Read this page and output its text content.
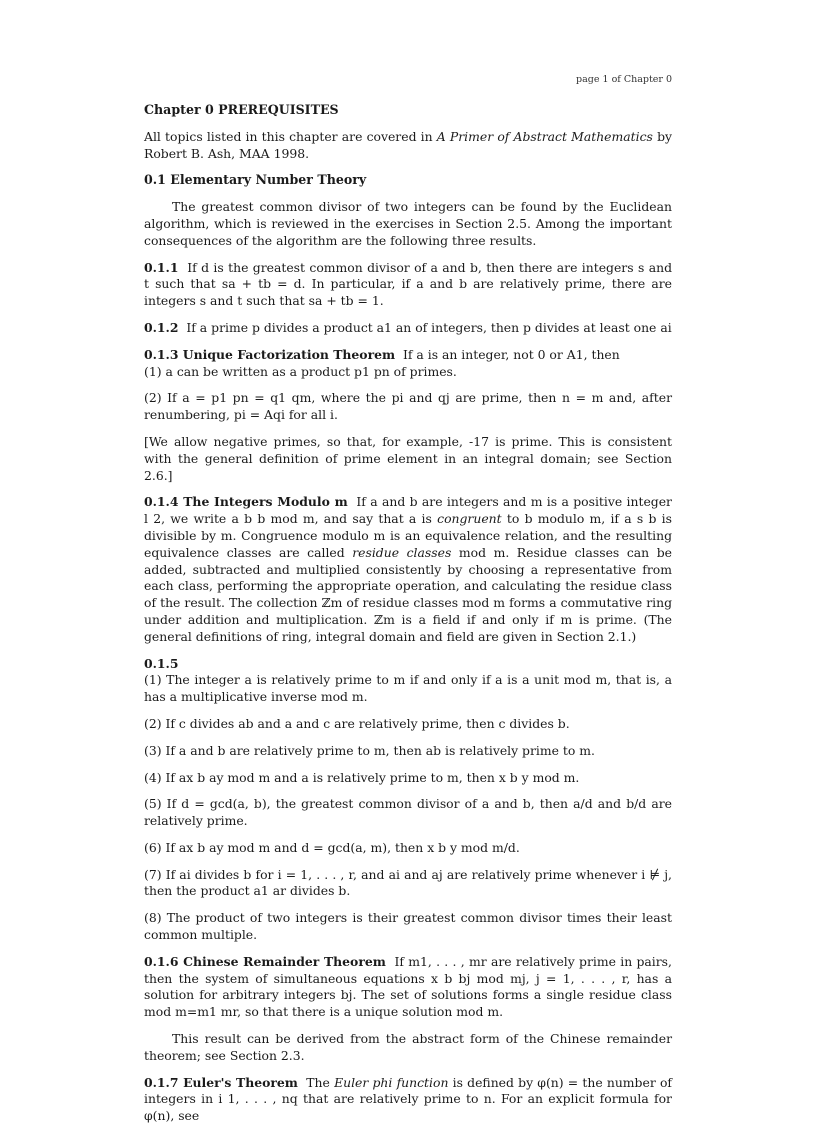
page 1 of Chapter 0
Chapter 0 PREREQUISITES

All topics listed in this chapter are covered in A Primer of Abstract Mathematics by Robert B. Ash, MAA 1998.

0.1 Elementary Number Theory

The greatest common divisor of two integers can be found by the Euclidean algorithm, which is reviewed in the exercises in Section 2.5. Among the important consequences of the algorithm are the following three results.

0.1.1 If d is the greatest common divisor of a and b, then there are integers s and t such that sa + tb = d. In particular, if a and b are relatively prime, there are integers s and t such that sa + tb = 1.

0.1.2 If a prime p divides a product a1 an of integers, then p divides at least one ai

0.1.3 Unique Factorization Theorem If a is an integer, not 0 or A1, then

(1) a can be written as a product p1 pn of primes.

(2) If a = p1 pn = q1 qm, where the pi and qj are prime, then n = m and, after renumbering, pi = Aqi for all i.

[We allow negative primes, so that, for example, -17 is prime. This is consistent with the general definition of prime element in an integral domain; see Section 2.6.]

0.1.4 The Integers Modulo m If a and b are integers and m is a positive integer l 2, we write a b b mod m, and say that a is congruent to b modulo m, if a s b is divisible by m. Congruence modulo m is an equivalence relation, and the resulting equivalence classes are called residue classes mod m. Residue classes can be added, subtracted and multiplied consistently by choosing a representative from each class, performing the appropriate operation, and calculating the residue class of the result. The collection ℤm of residue classes mod m forms a commutative ring under addition and multiplication. ℤm is a field if and only if m is prime. (The general definitions of ring, integral domain and field are given in Section 2.1.)

0.1.5

(1) The integer a is relatively prime to m if and only if a is a unit mod m, that is, a has a multiplicative inverse mod m.

(2) If c divides ab and a and c are relatively prime, then c divides b.

(3) If a and b are relatively prime to m, then ab is relatively prime to m.

(4) If ax b ay mod m and a is relatively prime to m, then x b y mod m.

(5) If d = gcd(a, b), the greatest common divisor of a and b, then a/d and b/d are relatively prime.

(6) If ax b ay mod m and d = gcd(a, m), then x b y mod m/d.

(7) If ai divides b for i = 1, . . . , r, and ai and aj are relatively prime whenever i ⊭ j, then the product a1 ar divides b.

(8) The product of two integers is their greatest common divisor times their least common multiple.

0.1.6 Chinese Remainder Theorem If m1, . . . , mr are relatively prime in pairs, then the system of simultaneous equations x b bj mod mj, j = 1, . . . , r, has a solution for arbitrary integers bj. The set of solutions forms a single residue class mod m=m1 mr, so that there is a unique solution mod m.

This result can be derived from the abstract form of the Chinese remainder theorem; see Section 2.3.

0.1.7 Euler's Theorem The Euler phi function is defined by φ(n) = the number of integers in i 1, . . . , nq that are relatively prime to n. For an explicit formula for φ(n), see
